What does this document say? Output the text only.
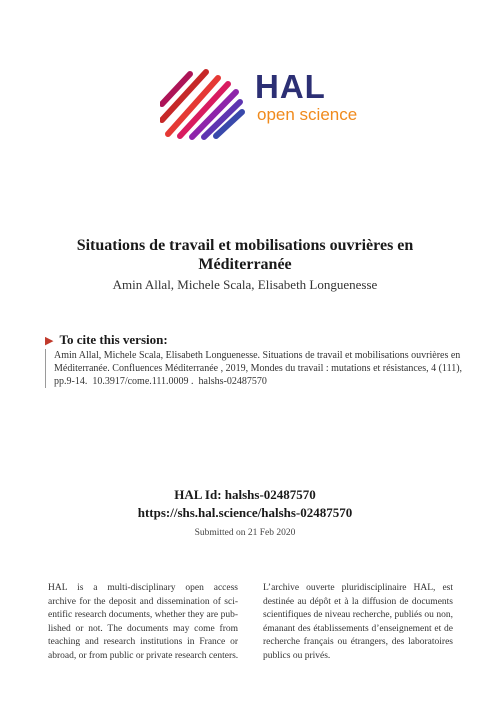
HAL
open science
Situations de travail et mobilisations ouvrières en
Méditerranée
Amin Allal, Michele Scala, Elisabeth Longuenesse
▶ To cite this version:
Amin Allal, Michele Scala, Elisabeth Longuenesse. Situations de travail et mobilisations ouvrières en
Méditerranée. Confluences Méditerranée , 2019, Mondes du travail : mutations et résistances, 4 (111),
pp.9-14.  10.3917/come.111.0009 .  halshs-02487570
HAL Id: halshs-02487570
https://shs.hal.science/halshs-02487570
Submitted on 21 Feb 2020
HAL is a multi-disciplinary open access
archive for the deposit and dissemination of sci-
entific research documents, whether they are pub-
lished or not. The documents may come from
teaching and research institutions in France or
abroad, or from public or private research centers.
L’archive ouverte pluridisciplinaire HAL, est
destinée au dépôt et à la diffusion de documents
scientifiques de niveau recherche, publiés ou non,
émanant des établissements d’enseignement et de
recherche français ou étrangers, des laboratoires
publics ou privés.
